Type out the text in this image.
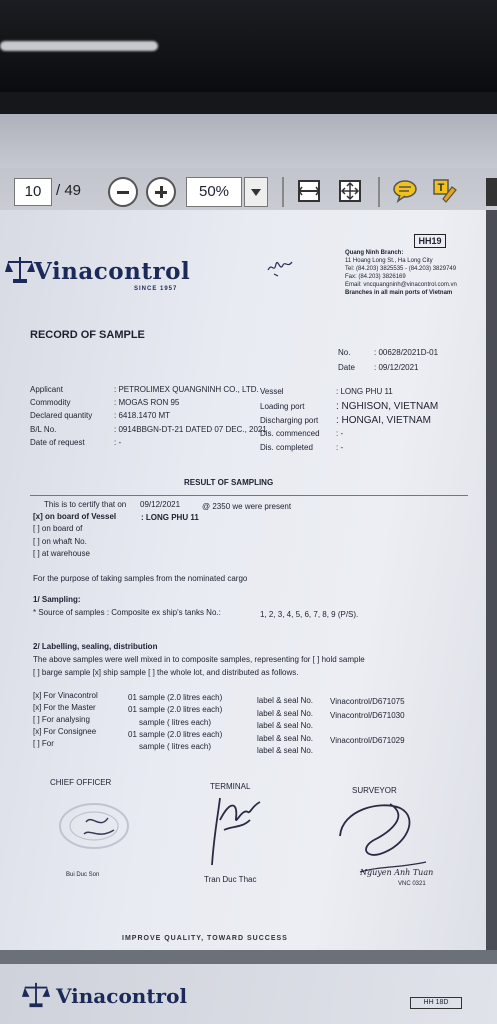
10 / 49	50%	T
Vinacontrol
SINCE 1957
HH19
Quang Ninh Branch:
11 Hoang Long St., Ha Long City
Tel: (84.203) 3825535 - (84.203) 3829749
Fax: (84.203) 3826169
Email: vncquangninh@vinacontrol.com.vn
Branches in all main ports of Vietnam
RECORD OF SAMPLE
No.	: 00628/2021D-01
Date : 09/12/2021
Applicant	: PETROLIMEX QUANGNINH CO., LTD.
Commodity	: MOGAS RON 95
Declared quantity	: 6418.1470 MT
B/L No.	: 0914BBGN-DT-21 DATED 07 DEC., 2021
Date of request	: -
Vessel	: LONG PHU 11
Loading port	: NGHISON, VIETNAM
Discharging port : HONGAI, VIETNAM
Dis. commenced : -
Dis. completed	: -
RESULT OF SAMPLING
This is to certify that on 09/12/2021	@ 2350 we were present
[x] on board of Vessel	: LONG PHU 11
[ ] on board of
[ ] on whaft No.
[ ] at warehouse
For the purpose of taking samples from the nominated cargo
1/ Sampling:
* Source of samples : Composite ex ship's tanks No.:	1, 2, 3, 4, 5, 6, 7, 8, 9 (P/S).
2/ Labelling, sealing, distribution
The above samples were well mixed in to composite samples, representing for [ ] hold sample
[ ] barge sample [x] ship sample [ ] the whole lot, and distributed as follows.
[x] For Vinacontrol	01 sample (2.0 litres each)	label & seal No. Vinacontrol/D671075
[x] For the Master	01 sample (2.0 litres each)	label & seal No. Vinacontrol/D671030
[ ] For analysing	sample ( litres each)	label & seal No.
[x] For Consignee	01 sample (2.0 litres each)	label & seal No. Vinacontrol/D671029
[ ] For	sample ( litres each)	label & seal No.
CHIEF OFFICER	TERMINAL	SURVEYOR
Bui Duc Son	Tran Duc Thac
Nguyen Anh Tuan
VNC 0321
IMPROVE QUALITY, TOWARD SUCCESS
Vinacontrol	HH 18D
